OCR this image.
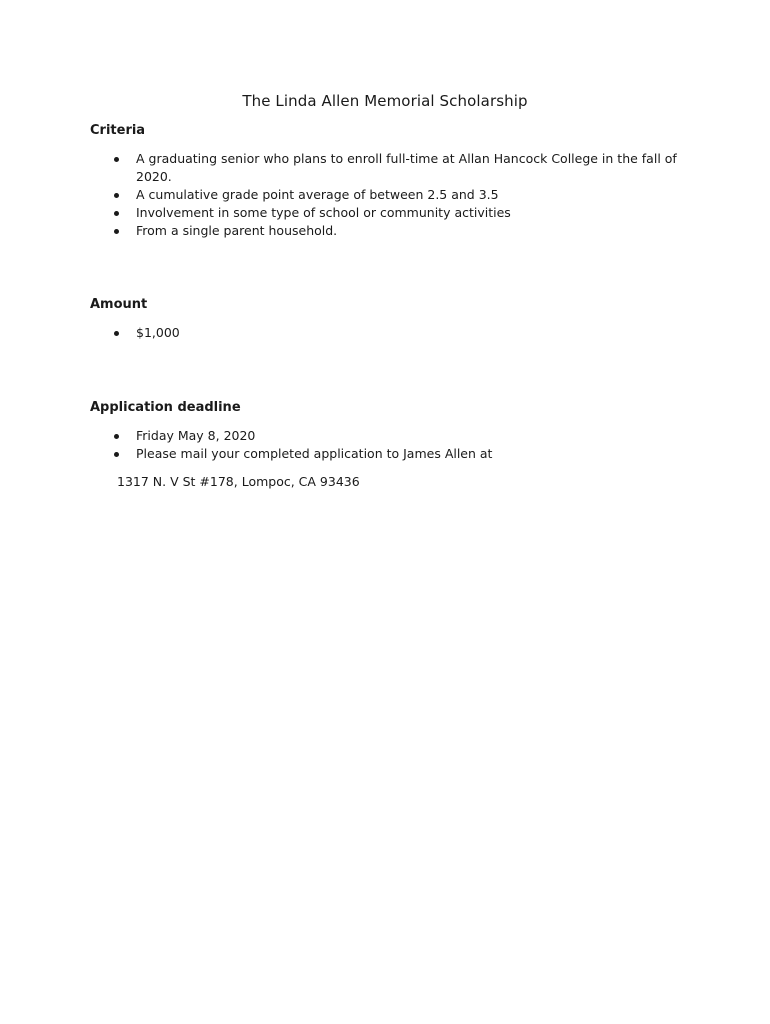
The Linda Allen Memorial Scholarship
Criteria
A graduating senior who plans to enroll full-time at Allan Hancock College in the fall of 2020.
A cumulative grade point average of between 2.5 and 3.5
Involvement in some type of school or community activities
From a single parent household.
Amount
$1,000
Application deadline
Friday May 8, 2020
Please mail your completed application to James Allen at

1317 N. V St #178, Lompoc, CA 93436
